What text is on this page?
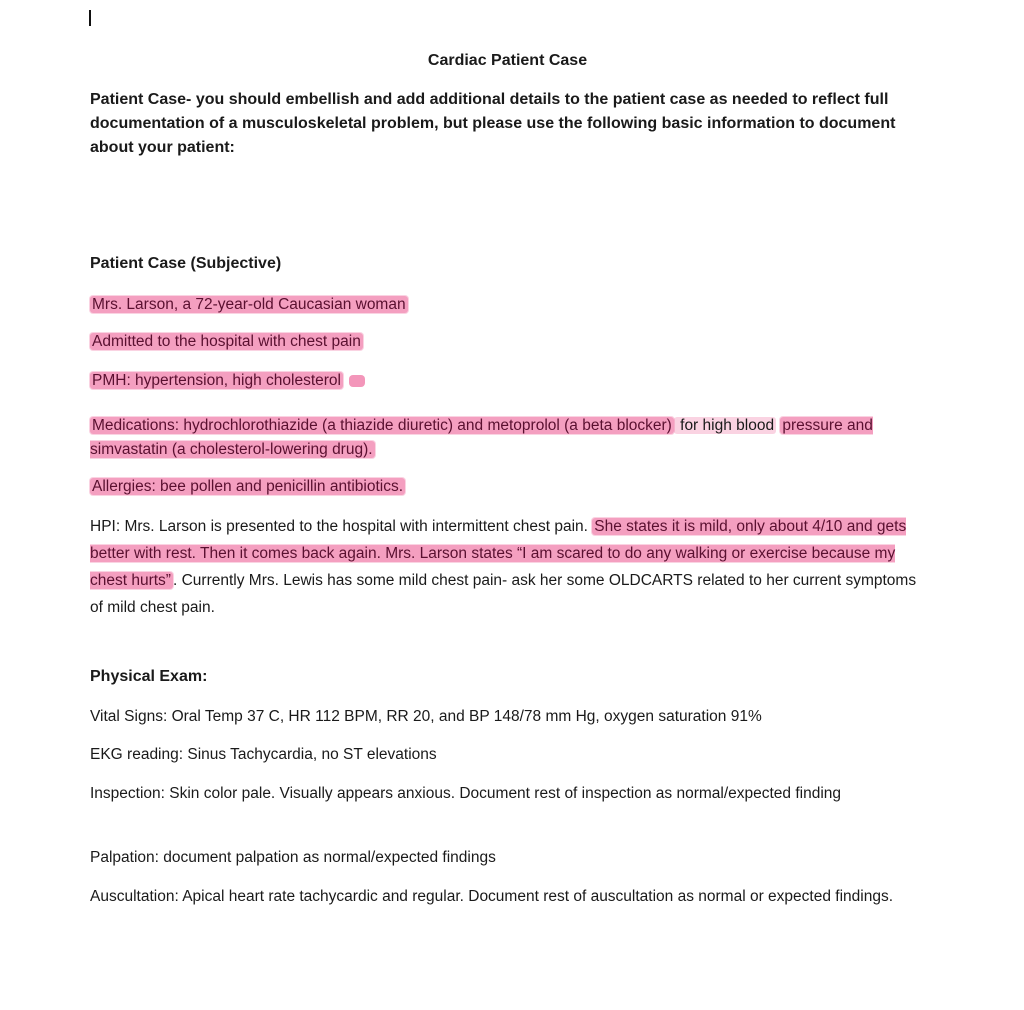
Cardiac Patient Case
Patient Case- you should embellish and add additional details to the patient case as needed to reflect full documentation of a musculoskeletal problem, but please use the following basic information to document about your patient:
Patient Case (Subjective)
Mrs. Larson, a 72-year-old Caucasian woman
Admitted to the hospital with chest pain
PMH: hypertension, high cholesterol
Medications: hydrochlorothiazide (a thiazide diuretic) and metoprolol (a beta blocker) for high blood pressure and simvastatin (a cholesterol-lowering drug).
Allergies: bee pollen and penicillin antibiotics.
HPI: Mrs. Larson is presented to the hospital with intermittent chest pain. She states it is mild, only about 4/10 and gets better with rest. Then it comes back again. Mrs. Larson states “I am scared to do any walking or exercise because my chest hurts” . Currently Mrs. Lewis has some mild chest pain- ask her some OLDCARTS related to her current symptoms of mild chest pain.
Physical Exam:
Vital Signs: Oral Temp 37 C, HR 112 BPM, RR 20, and BP 148/78 mm Hg, oxygen saturation 91%
EKG reading: Sinus Tachycardia, no ST elevations
Inspection: Skin color pale. Visually appears anxious. Document rest of inspection as normal/expected finding
Palpation: document palpation as normal/expected findings
Auscultation: Apical heart rate tachycardic and regular. Document rest of auscultation as normal or expected findings.
